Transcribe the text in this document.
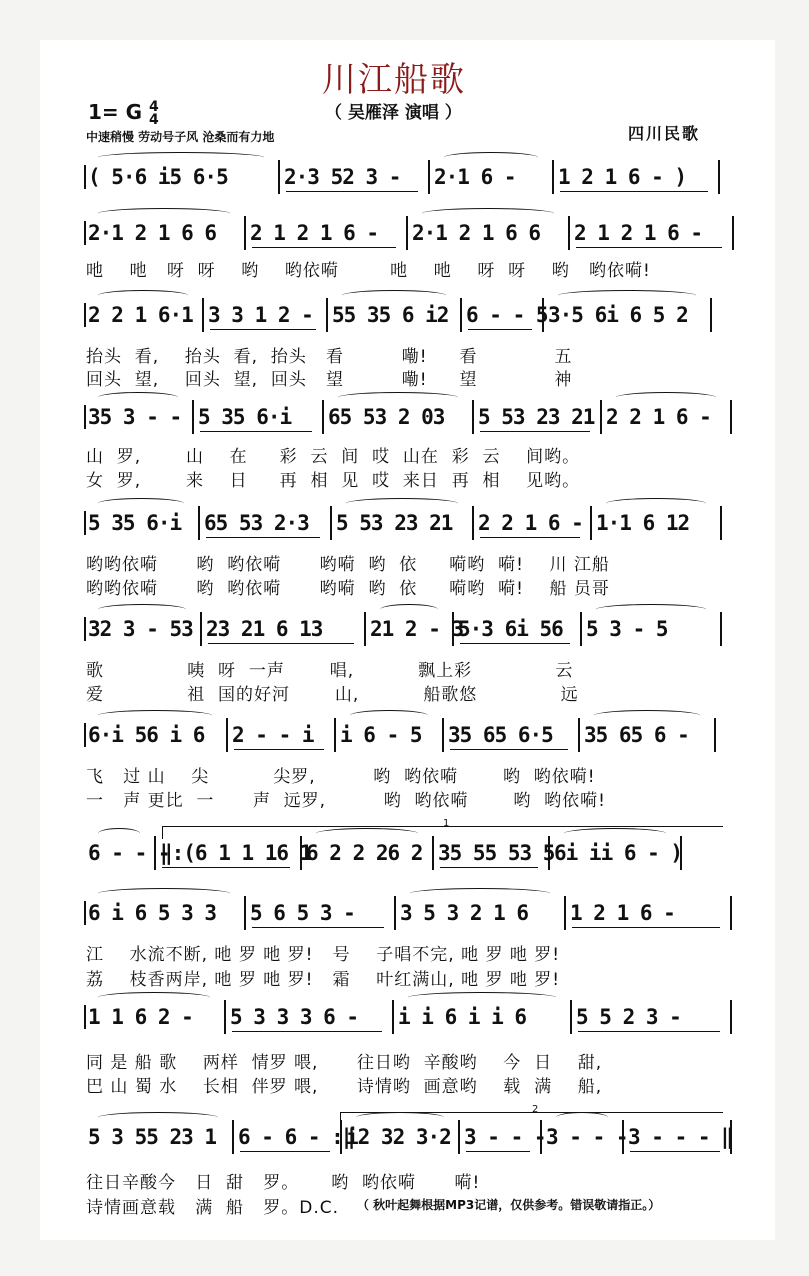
川江船歌
1= G 4
4	（ 吴雁泽 演唱 ）
中速稍慢 劳动号子风 沧桑而有力地	四川民歌
( 5·6 i5 6·5	2·3 52 3 -	2·1 6 -	1 2 1 6 - )
2·1 2 1 6 6	2 1 2 1 6 -	2·1 2 1 6 6	2 1 2 1 6 -
2 2 1 6·1 3 3 1 2 - 55 35 6 i2 6 - - 5 3·5 6i 6 5 2
35 3 - - 5 35 6·i	65 53 2 03	5 53 23 21 2 2 1 6 -
5 35 6·i	65 53 2·3	5 53 23 21	2 2 1 6 - 1·1 6 12
32 3 - 53 23 21 6 13	21 2 - 3
5·3 6i 56	5 3 - 5
6·i 56 i 6	2 - - i	i 6 - 5	35 65 6·5	35 65 6 -
6 - - -
‖:(6 1 1 16 1
6 2 2 26 2 35 55 53 5 6i ii 6 - )
6 i 6 5 3 3	5 6 5 3 -	3 5 3 2 1 6	1 2 1 6 -
1 1 6 2 -	5 3 3 3 6 -	i i 6 i i 6	5 5 2 3 -
5 3 55 23 1	6 - 6 - :‖
i2 32 3·2 3 - - - 3 - - - 3 - - - ‖
吔    吔   呀  呀    哟    哟依嗬        吔    吔    呀  呀    哟   哟依嗬!
抬头  看,    抬头  看,  抬头   看         嘞!     看            五
回头  望,    回头  望,  回头   望         嘞!     望            神
山  罗,       山    在     彩  云  间  哎  山在  彩  云    间哟。
女  罗,       来    日     再  相  见  哎  来日  再  相    见哟。
哟哟依嗬      哟  哟依嗬      哟嗬  哟  依     嗬哟  嗬!    川 江船
哟哟依嗬      哟  哟依嗬      哟嗬  哟  依     嗬哟  嗬!    船 员哥
歌             咦  呀  一声       唱,          飘上彩             云
爱             祖  国的好河       山,          船歌悠             远
飞   过 山    尖          尖罗,         哟  哟依嗬       哟  哟依嗬!
一   声 更比  一      声  远罗,         哟  哟依嗬       哟  哟依嗬!
江    水流不断, 吔 罗 吔 罗!   号    子唱不完, 吔 罗 吔 罗!
荔    枝香两岸, 吔 罗 吔 罗!   霜    叶红满山, 吔 罗 吔 罗!
同 是 船 歌    两样  情罗 喂,      往日哟  辛酸哟    今  日    甜,
巴 山 蜀 水    长相  伴罗 喂,      诗情哟  画意哟    载  满    船,
往日辛酸今   日  甜   罗。     哟  哟依嗬      嗬!
诗情画意载   满  船   罗。D.C.
1
2
（ 秋叶起舞根据MP3记谱，仅供参考。错误敬请指正。）
